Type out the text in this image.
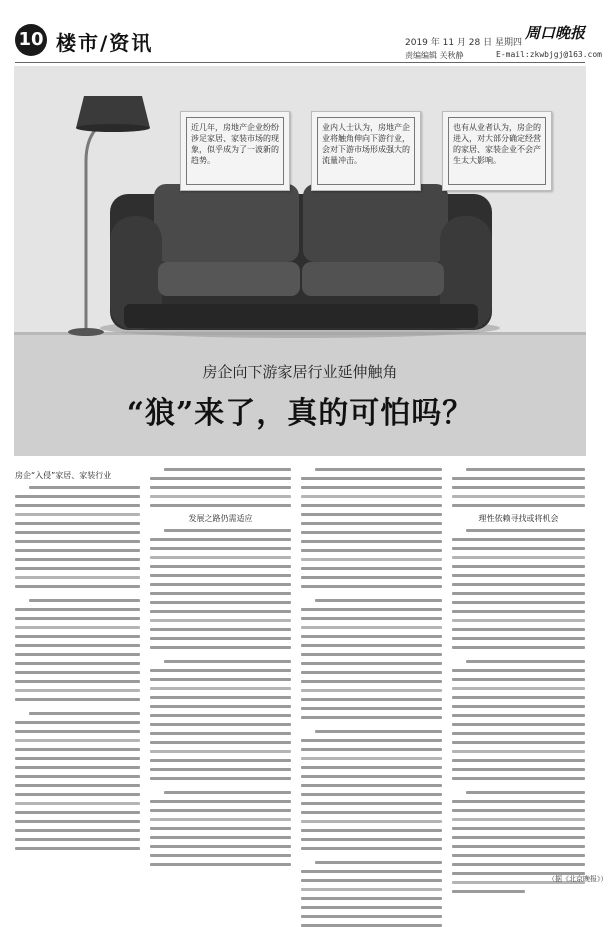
10 楼市/资讯	2019 年 11 月 28 日 星期四
责编编辑 关秋静
周口晚报
E-mail:zkwbjgj@163.com
近几年，房地产企业纷纷涉足家居、家装市场的现象，似乎成为了一波新的趋势。
业内人士认为，房地产企业将触角伸向下游行业，会对下游市场形成强大的流量冲击。
也有从业者认为，房企的进入，对大部分确定经营的家居、家装企业不会产生太大影响。
房企向下游家居行业延伸触角
“狼”来了，真的可怕吗？
房企“入侵”家居、家装行业
发展之路仍需适应	理性依赖寻找或将机会
（据《北京晚报》）
